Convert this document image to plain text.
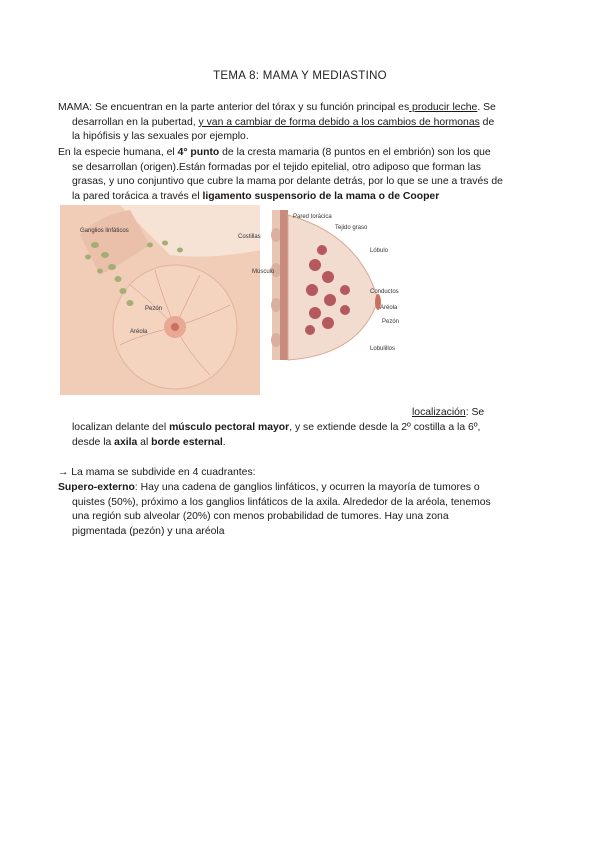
TEMA 8: MAMA Y MEDIASTINO
MAMA: Se encuentran en la parte anterior del tórax y su función principal es producir leche. Se
desarrollan en la pubertad, y van a cambiar de forma debido a los cambios de hormonas de
la hipófisis y las sexuales por ejemplo.
En la especie humana, el 4° punto de la cresta mamaria (8 puntos en el embrión) son los que
se desarrollan (origen).Están formadas por el tejido epitelial, otro adiposo que forman las
grasas, y uno conjuntivo que cubre la mama por delante detrás, por lo que se une a través de
la pared torácica a través el ligamento suspensorio de la mama o de Cooper
Ganglios linfáticos
Pezón
Aréola
Pared torácica
Costillas
Músculo
Tejido graso
Lóbulo
Conductos
Aréola
Pezón
Lobulillos
localización: Se
localizan delante del músculo pectoral mayor, y se extiende desde la 2º costilla a la 6º,
desde la axila al borde esternal.
→ La mama se subdivide en 4 cuadrantes:
Supero-externo: Hay una cadena de ganglios linfáticos, y ocurren la mayoría de tumores o
quistes (50%), próximo a los ganglios linfáticos de la axila. Alrededor de la aréola, tenemos
una región sub alveolar (20%) con menos probabilidad de tumores. Hay una zona
pigmentada (pezón) y una aréola
